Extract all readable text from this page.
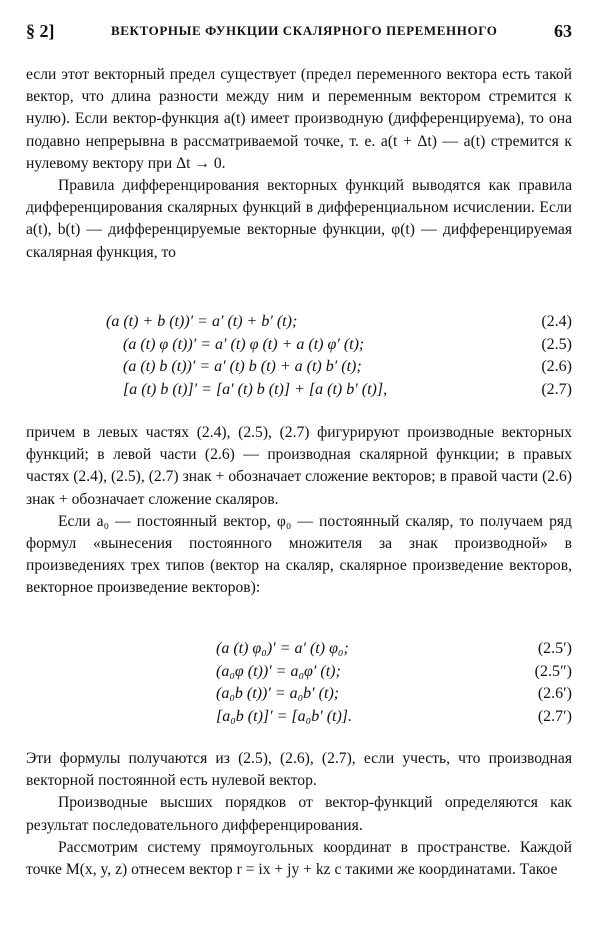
§ 2]	ВЕКТОРНЫЕ ФУНКЦИИ СКАЛЯРНОГО ПЕРЕМЕННОГО	63

если этот векторный предел существует (предел переменного вектора есть такой вектор, что длина разности между ним и переменным вектором стремится к нулю). Если вектор-функция a(t) имеет производную (дифференцируема), то она подавно непрерывна в рассматриваемой точке, т. е. a(t + Δt) — a(t) стремится к нулевому вектору при Δt → 0.

Правила дифференцирования векторных функций выводятся как правила дифференцирования скалярных функций в дифференциальном исчислении. Если a(t), b(t) — дифференцируемые векторные функции, φ(t) — дифференцируемая скалярная функция, то

(a (t) + b (t))′ = a′ (t) + b′ (t);	(2.4)
(a (t) φ (t))′ = a′ (t) φ (t) + a (t) φ′ (t);	(2.5)
(a (t) b (t))′ = a′ (t) b (t) + a (t) b′ (t);	(2.6)
[a (t) b (t)]′ = [a′ (t) b (t)] + [a (t) b′ (t)],	(2.7)

причем в левых частях (2.4), (2.5), (2.7) фигурируют производные векторных функций; в левой части (2.6) — производная скалярной функции; в правых частях (2.4), (2.5), (2.7) знак + обозначает сложение векторов; в правой части (2.6) знак + обозначает сложение скаляров.

Если a₀ — постоянный вектор, φ₀ — постоянный скаляр, то получаем ряд формул «вынесения постоянного множителя за знак производной» в произведениях трех типов (вектор на скаляр, скалярное произведение векторов, векторное произведение векторов):

(a (t) φ₀)′ = a′ (t) φ₀;	(2.5′)
(a₀φ (t))′ = a₀φ′ (t);	(2.5″)
(a₀b (t))′ = a₀b′ (t);	(2.6′)
[a₀b (t)]′ = [a₀b′ (t)].	(2.7′)

Эти формулы получаются из (2.5), (2.6), (2.7), если учесть, что производная векторной постоянной есть нулевой вектор.

Производные высших порядков от вектор-функций определяются как результат последовательного дифференцирования.

Рассмотрим систему прямоугольных координат в пространстве. Каждой точке M(x, y, z) отнесем вектор r = ix + jy + kz с такими же координатами. Такое
